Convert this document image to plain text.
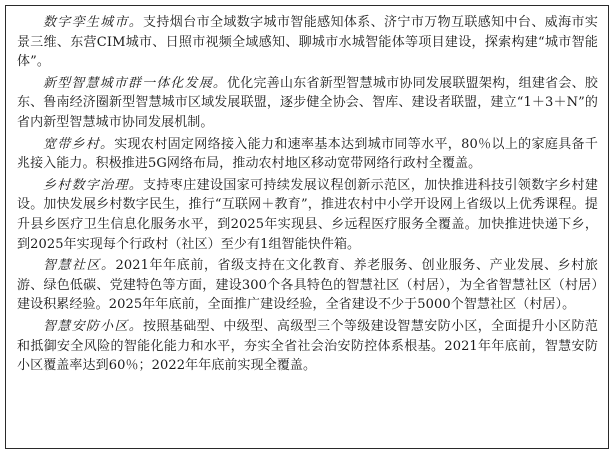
数字孪生城市。支持烟台市全域数字城市智能感知体系、济宁市万物互联感知中台、威海市实景三维、东营CIM城市、日照市视频全域感知、聊城市水城智能体等项目建设，探索构建“城市智能体”。

新型智慧城市群一体化发展。优化完善山东省新型智慧城市协同发展联盟架构，组建省会、胶东、鲁南经济圈新型智慧城市区域发展联盟，逐步健全协会、智库、建设者联盟，建立“1＋3＋N”的省内新型智慧城市协同发展机制。

宽带乡村。实现农村固定网络接入能力和速率基本达到城市同等水平，80％以上的家庭具备千兆接入能力。积极推进5G网络布局，推动农村地区移动宽带网络行政村全覆盖。

乡村数字治理。支持枣庄建设国家可持续发展议程创新示范区，加快推进科技引领数字乡村建设。加快发展乡村数字民生，推行“互联网＋教育”，推进农村中小学开设网上省级以上优秀课程。提升县乡医疗卫生信息化服务水平，到2025年实现县、乡远程医疗服务全覆盖。加快推进快递下乡，到2025年实现每个行政村（社区）至少有1组智能快件箱。

智慧社区。2021年年底前，省级支持在文化教育、养老服务、创业服务、产业发展、乡村旅游、绿色低碳、党建特色等方面，建设300个各具特色的智慧社区（村居），为全省智慧社区（村居）建设积累经验。2025年年底前，全面推广建设经验，全省建设不少于5000个智慧社区（村居）。

智慧安防小区。按照基础型、中级型、高级型三个等级建设智慧安防小区，全面提升小区防范和抵御安全风险的智能化能力和水平，夯实全省社会治安防控体系根基。2021年年底前，智慧安防小区覆盖率达到60％；2022年年底前实现全覆盖。
